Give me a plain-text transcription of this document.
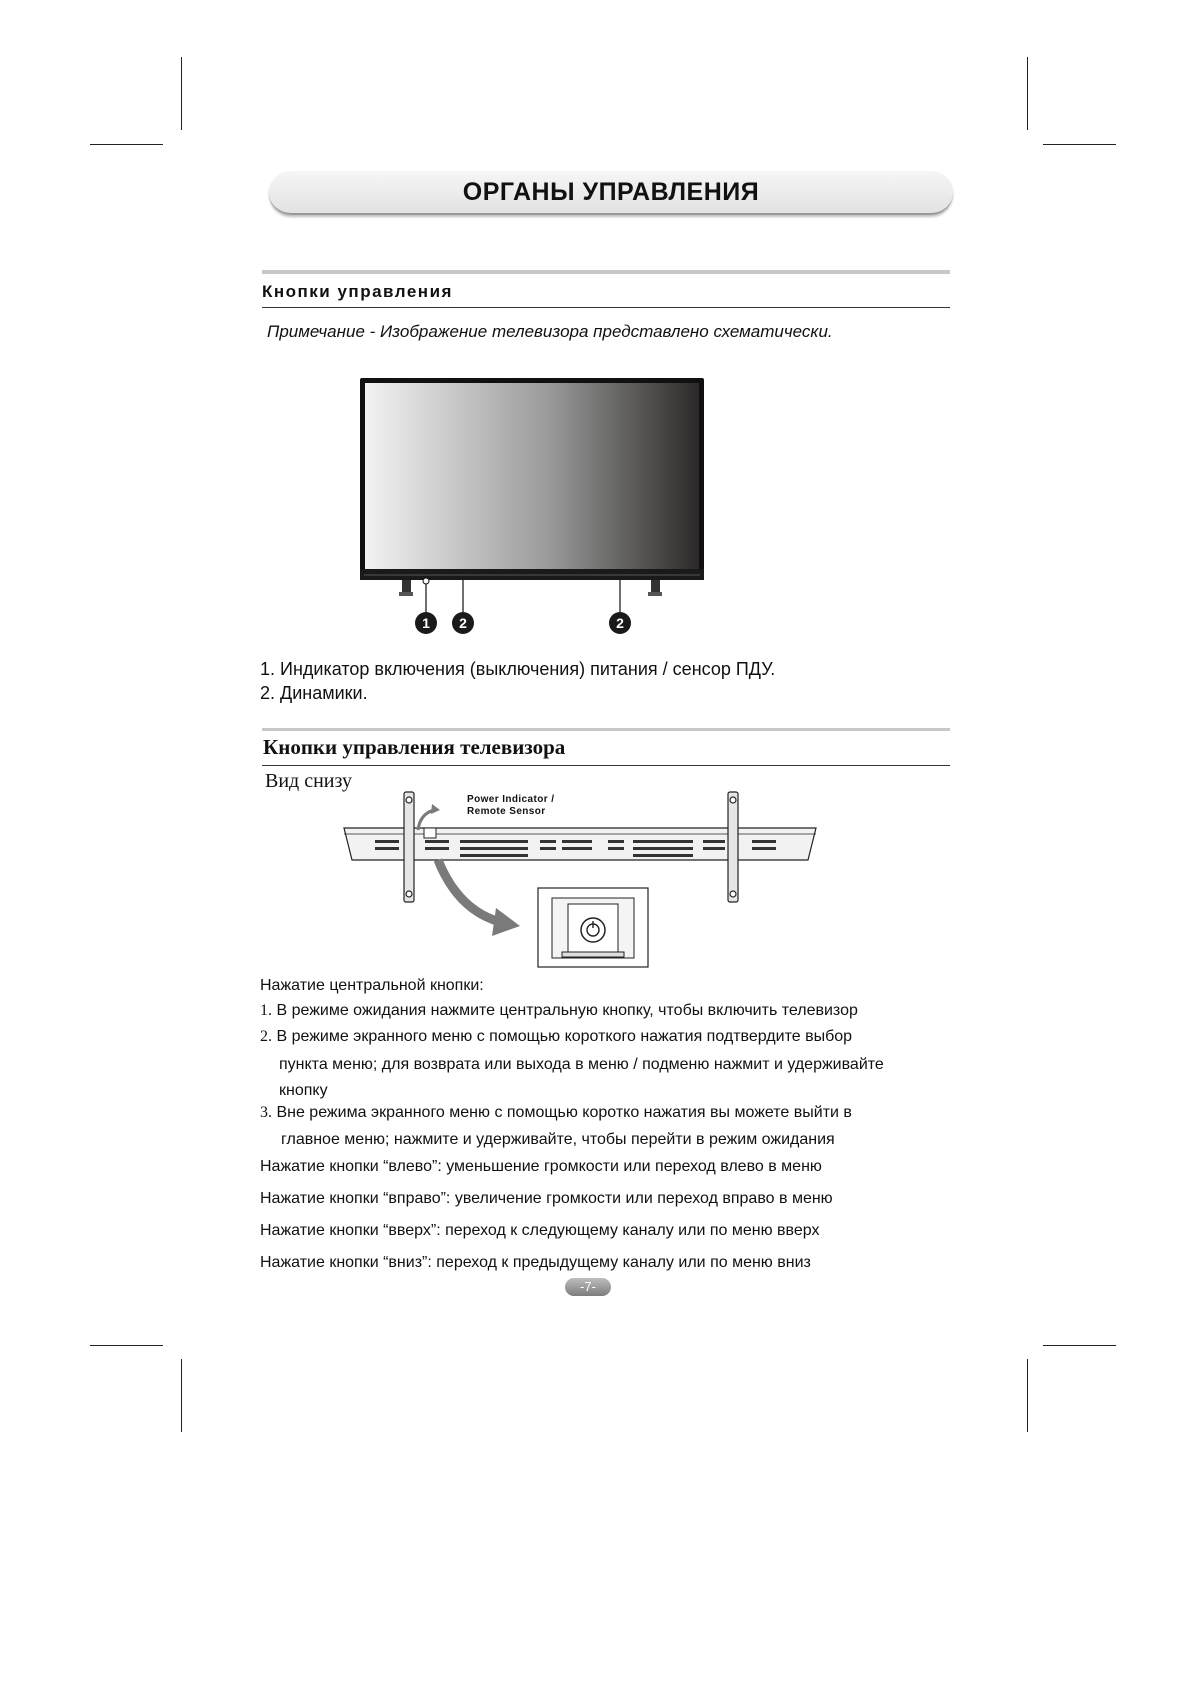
ОРГАНЫ УПРАВЛЕНИЯ
Кнопки управления
Примечание - Изображение телевизора представлено схематически.
1	2	2
1. Индикатор включения (выключения) питания / сенсор ПДУ.
2. Динамики.
Кнопки управления телевизора
Вид снизу
Power Indicator /
Remote Sensor
Нажатие центральной кнопки:
1. В режиме ожидания нажмите центральную кнопку, чтобы включить телевизор
2. В режиме экранного меню с помощью короткого нажатия подтвердите выбор
пункта меню; для возврата или выхода в меню / подменю нажмит и удерживайте
кнопку
3. Вне режима экранного меню с помощью коротко нажатия вы можете выйти в
главное меню; нажмите и удерживайте, чтобы перейти в режим ожидания
Нажатие кнопки “влево”: уменьшение громкости или переход влево в меню
Нажатие кнопки “вправо”: увеличение громкости или переход вправо в меню
Нажатие кнопки “вверх”: переход к следующему каналу или по меню вверх
Нажатие кнопки “вниз”: переход к предыдущему каналу или по меню вниз
-7-
